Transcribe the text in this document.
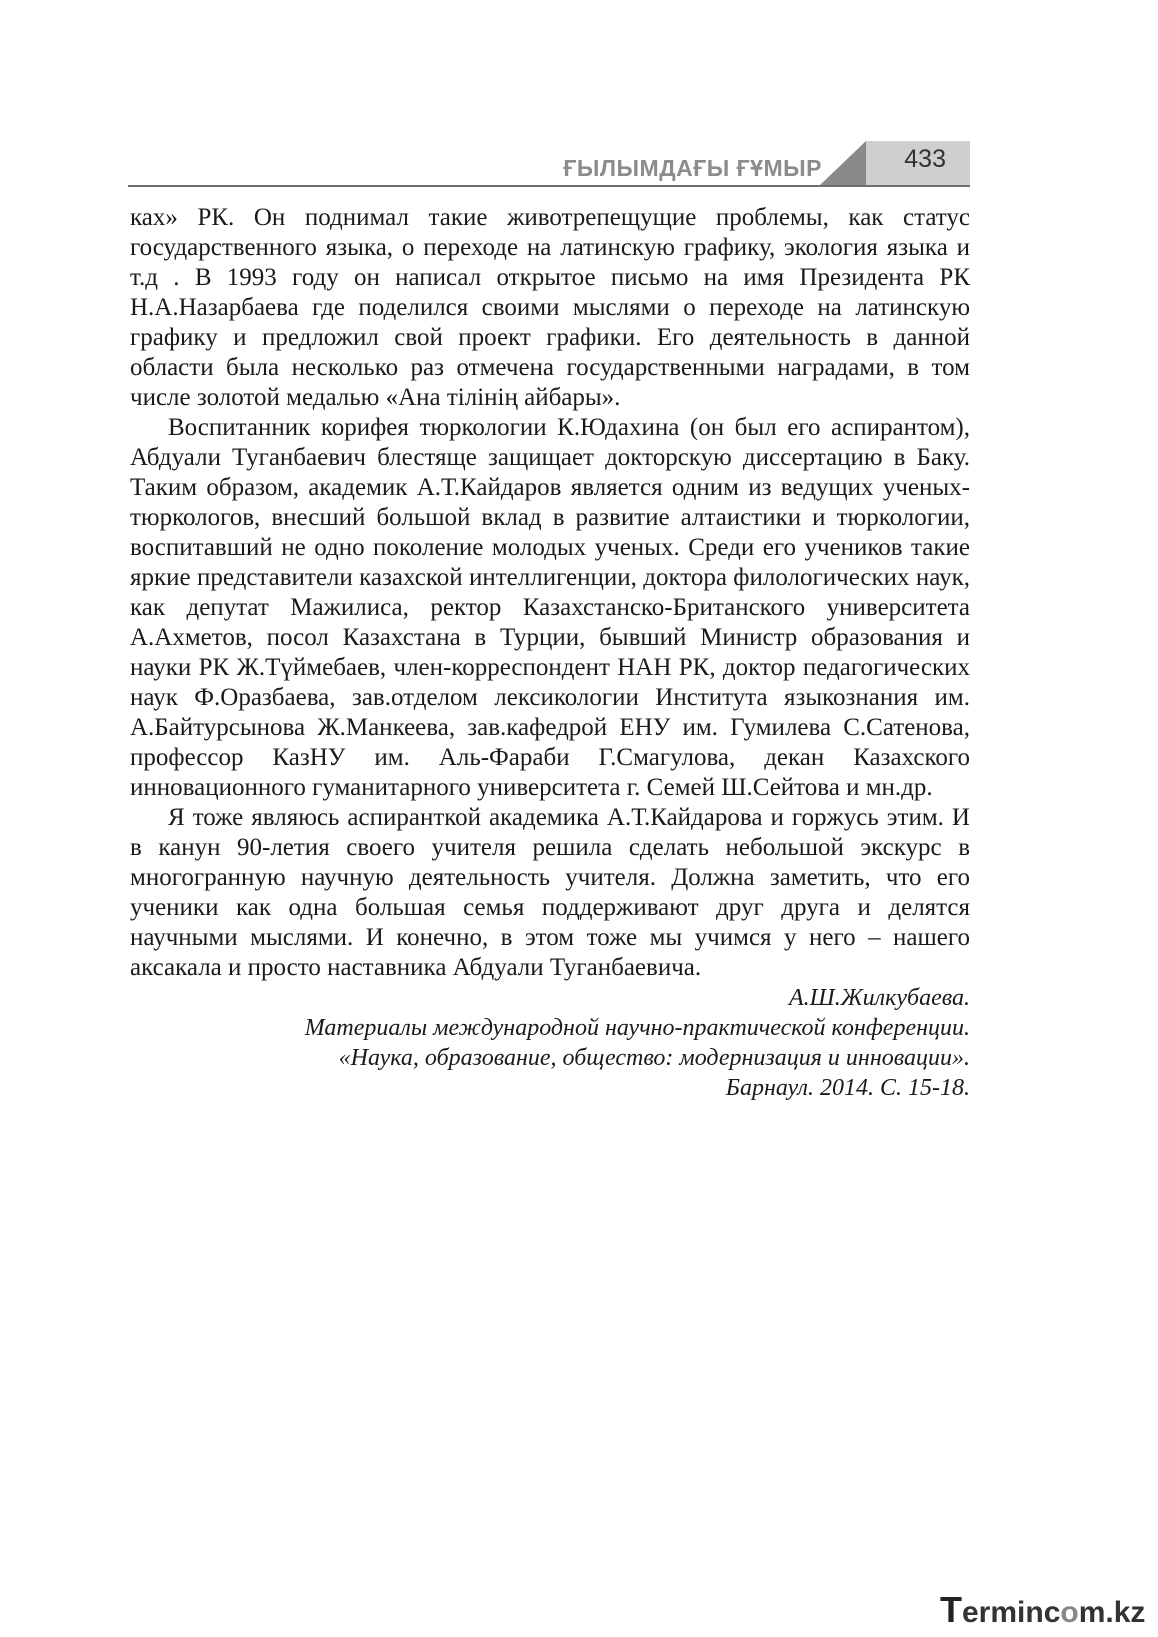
ҒЫЛЫМДАҒЫ ҒҰМЫР	433

ках» РК. Он поднимал такие животрепещущие проблемы, как статус государственного языка, о переходе на латинскую графику, экология языка и т.д . В 1993 году он написал открытое письмо на имя Президента РК Н.А.Назарбаева где поделился своими мыслями о переходе на латинскую графику и предложил свой проект графики. Его деятельность в данной области была несколько раз отмечена государственными наградами, в том числе золотой медалью «Ана тілінің айбары».

Воспитанник корифея тюркологии К.Юдахина (он был его аспирантом), Абдуали Туганбаевич блестяще защищает докторскую диссертацию в Баку. Таким образом, академик А.Т.Кайдаров является одним из ведущих ученых- тюркологов, внесший большой вклад в развитие алтаистики и тюркологии, воспитавший не одно поколение молодых ученых. Среди его учеников такие яркие представители казахской интеллигенции, доктора филологических наук, как депутат Мажилиса, ректор Казахстанско-Британского университета А.Ахметов, посол Казахстана в Турции, бывший Министр образования и науки РК Ж.Түймебаев, член-корреспондент НАН РК, доктор педагогических наук Ф.Оразбаева, зав.отделом лексикологии Института языкознания им. А.Байтурсынова Ж.Манкеева, зав.кафедрой ЕНУ им. Гумилева С.Сатенова, профессор КазНУ им. Аль-Фараби Г.Смагулова, декан Казахского инновационного гуманитарного университета г. Семей Ш.Сейтова и мн.др.

Я тоже являюсь аспиранткой академика А.Т.Кайдарова и горжусь этим. И в канун 90-летия своего учителя решила сделать небольшой экскурс в многогранную научную деятельность учителя. Должна заметить, что его ученики как одна большая семья поддерживают друг друга и делятся научными мыслями. И конечно, в этом тоже мы учимся у него – нашего аксакала и просто наставника Абдуали Туганбаевича.

А.Ш.Жилкубаева.

Материалы международной научно-практической конференции.

«Наука, образование, общество: модернизация и инновации».

Барнаул. 2014. С. 15-18.

Termincom.kz
